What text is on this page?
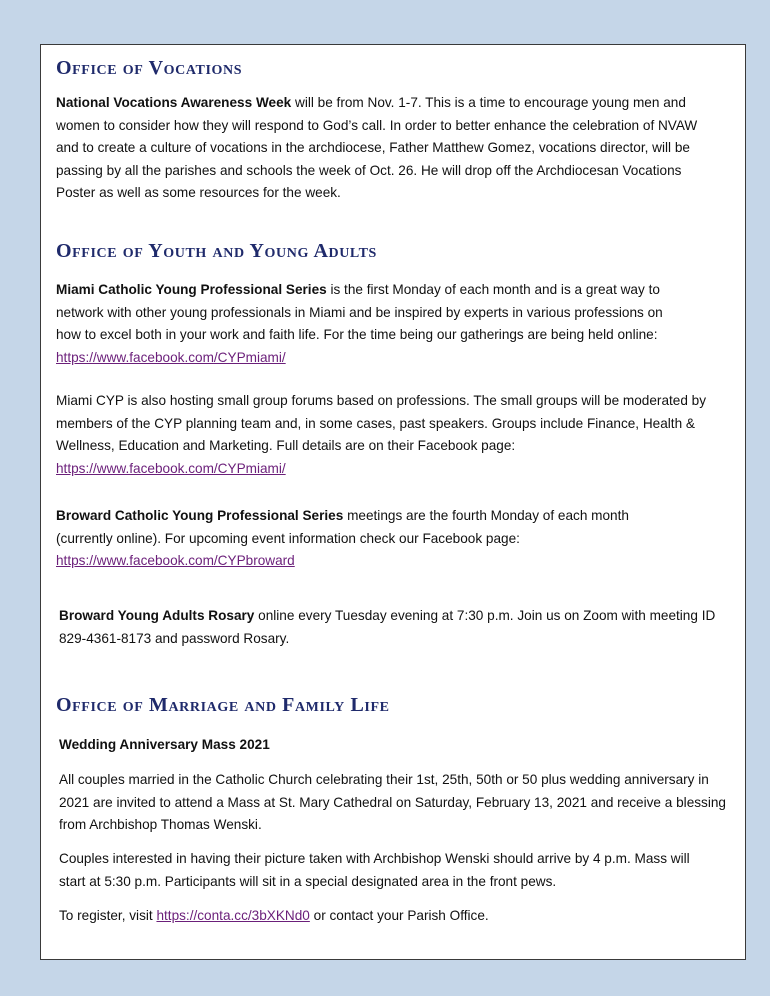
Office of Vocations

National Vocations Awareness Week will be from Nov. 1-7. This is a time to encourage young men and women to consider how they will respond to God’s call. In order to better enhance the celebration of NVAW and to create a culture of vocations in the archdiocese, Father Matthew Gomez, vocations director, will be passing by all the parishes and schools the week of Oct. 26. He will drop off the Archdiocesan Vocations Poster as well as some resources for the week.

Office of Youth and Young Adults

Miami Catholic Young Professional Series is the first Monday of each month and is a great way to network with other young professionals in Miami and be inspired by experts in various professions on how to excel both in your work and faith life. For the time being our gatherings are being held online: https://www.facebook.com/CYPmiami/

Miami CYP is also hosting small group forums based on professions. The small groups will be moderated by members of the CYP planning team and, in some cases, past speakers. Groups include Finance, Health & Wellness, Education and Marketing. Full details are on their Facebook page: https://www.facebook.com/CYPmiami/

Broward Catholic Young Professional Series meetings are the fourth Monday of each month (currently online). For upcoming event information check our Facebook page: https://www.facebook.com/CYPbroward

Broward Young Adults Rosary online every Tuesday evening at 7:30 p.m. Join us on Zoom with meeting ID 829-4361-8173 and password Rosary.

Office of Marriage and Family Life

Wedding Anniversary Mass 2021

All couples married in the Catholic Church celebrating their 1st, 25th, 50th or 50 plus wedding anniversary in 2021 are invited to attend a Mass at St. Mary Cathedral on Saturday, February 13, 2021 and receive a blessing from Archbishop Thomas Wenski.

Couples interested in having their picture taken with Archbishop Wenski should arrive by 4 p.m. Mass will start at 5:30 p.m. Participants will sit in a special designated area in the front pews.

To register, visit https://conta.cc/3bXKNd0 or contact your Parish Office.
